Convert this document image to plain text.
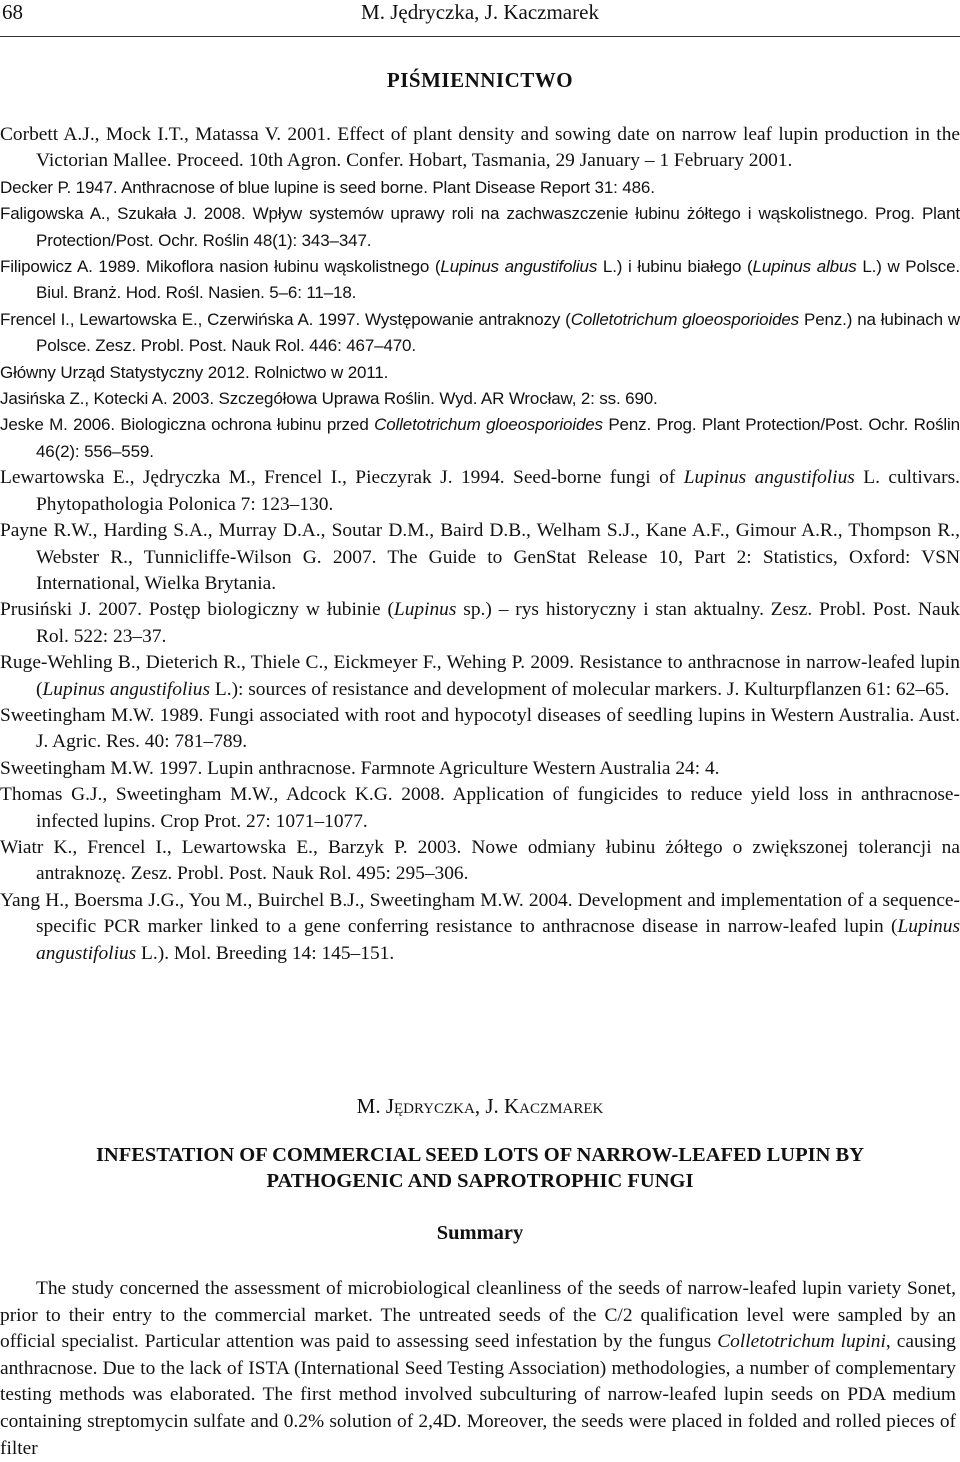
68	M. Jędryczka, J. Kaczmarek
PIŚMIENNICTWO
Corbett A.J., Mock I.T., Matassa V. 2001. Effect of plant density and sowing date on narrow leaf lupin production in the Victorian Mallee. Proceed. 10th Agron. Confer. Hobart, Tasmania, 29 January – 1 February 2001.
Decker P. 1947. Anthracnose of blue lupine is seed borne. Plant Disease Report 31: 486.
Faligowska A., Szukała J. 2008. Wpływ systemów uprawy roli na zachwaszczenie łubinu żółtego i wąskolistnego. Prog. Plant Protection/Post. Ochr. Roślin 48(1): 343–347.
Filipowicz A. 1989. Mikoflora nasion łubinu wąskolistnego (Lupinus angustifolius L.) i łubinu białego (Lupinus albus L.) w Polsce. Biul. Branż. Hod. Rośl. Nasien. 5–6: 11–18.
Frencel I., Lewartowska E., Czerwińska A. 1997. Występowanie antraknozy (Colletotrichum gloeosporioides Penz.) na łubinach w Polsce. Zesz. Probl. Post. Nauk Rol. 446: 467–470.
Główny Urząd Statystyczny 2012. Rolnictwo w 2011.
Jasińska Z., Kotecki A. 2003. Szczegółowa Uprawa Roślin. Wyd. AR Wrocław, 2: ss. 690.
Jeske M. 2006. Biologiczna ochrona łubinu przed Colletotrichum gloeosporioides Penz. Prog. Plant Protection/Post. Ochr. Roślin 46(2): 556–559.
Lewartowska E., Jędryczka M., Frencel I., Pieczyrak J. 1994. Seed-borne fungi of Lupinus angustifolius L. cultivars. Phytopathologia Polonica 7: 123–130.
Payne R.W., Harding S.A., Murray D.A., Soutar D.M., Baird D.B., Welham S.J., Kane A.F., Gimour A.R., Thompson R., Webster R., Tunnicliffe-Wilson G. 2007. The Guide to GenStat Release 10, Part 2: Statistics, Oxford: VSN International, Wielka Brytania.
Prusiński J. 2007. Postęp biologiczny w łubinie (Lupinus sp.) – rys historyczny i stan aktualny. Zesz. Probl. Post. Nauk Rol. 522: 23–37.
Ruge-Wehling B., Dieterich R., Thiele C., Eickmeyer F., Wehing P. 2009. Resistance to anthracnose in narrow-leafed lupin (Lupinus angustifolius L.): sources of resistance and development of molecular markers. J. Kulturpflanzen 61: 62–65.
Sweetingham M.W. 1989. Fungi associated with root and hypocotyl diseases of seedling lupins in Western Australia. Aust. J. Agric. Res. 40: 781–789.
Sweetingham M.W. 1997. Lupin anthracnose. Farmnote Agriculture Western Australia 24: 4.
Thomas G.J., Sweetingham M.W., Adcock K.G. 2008. Application of fungicides to reduce yield loss in anthracnose-infected lupins. Crop Prot. 27: 1071–1077.
Wiatr K., Frencel I., Lewartowska E., Barzyk P. 2003. Nowe odmiany łubinu żółtego o zwiększonej tolerancji na antraknozę. Zesz. Probl. Post. Nauk Rol. 495: 295–306.
Yang H., Boersma J.G., You M., Buirchel B.J., Sweetingham M.W. 2004. Development and implementation of a sequence-specific PCR marker linked to a gene conferring resistance to anthracnose disease in narrow-leafed lupin (Lupinus angustifolius L.). Mol. Breeding 14: 145–151.
M. Jędryczka, J. Kaczmarek
INFESTATION OF COMMERCIAL SEED LOTS OF NARROW-LEAFED LUPIN BY
PATHOGENIC AND SAPROTROPHIC FUNGI
Summary
The study concerned the assessment of microbiological cleanliness of the seeds of narrow-leafed lupin variety Sonet, prior to their entry to the commercial market. The untreated seeds of the C/2 qualification level were sampled by an official specialist. Particular attention was paid to assessing seed infestation by the fungus Colletotrichum lupini, causing anthracnose. Due to the lack of ISTA (International Seed Testing Association) methodologies, a number of complementary testing methods was elaborated. The first method involved subculturing of narrow-leafed lupin seeds on PDA medium containing streptomycin sulfate and 0.2% solution of 2,4D. Moreover, the seeds were placed in folded and rolled pieces of filter
